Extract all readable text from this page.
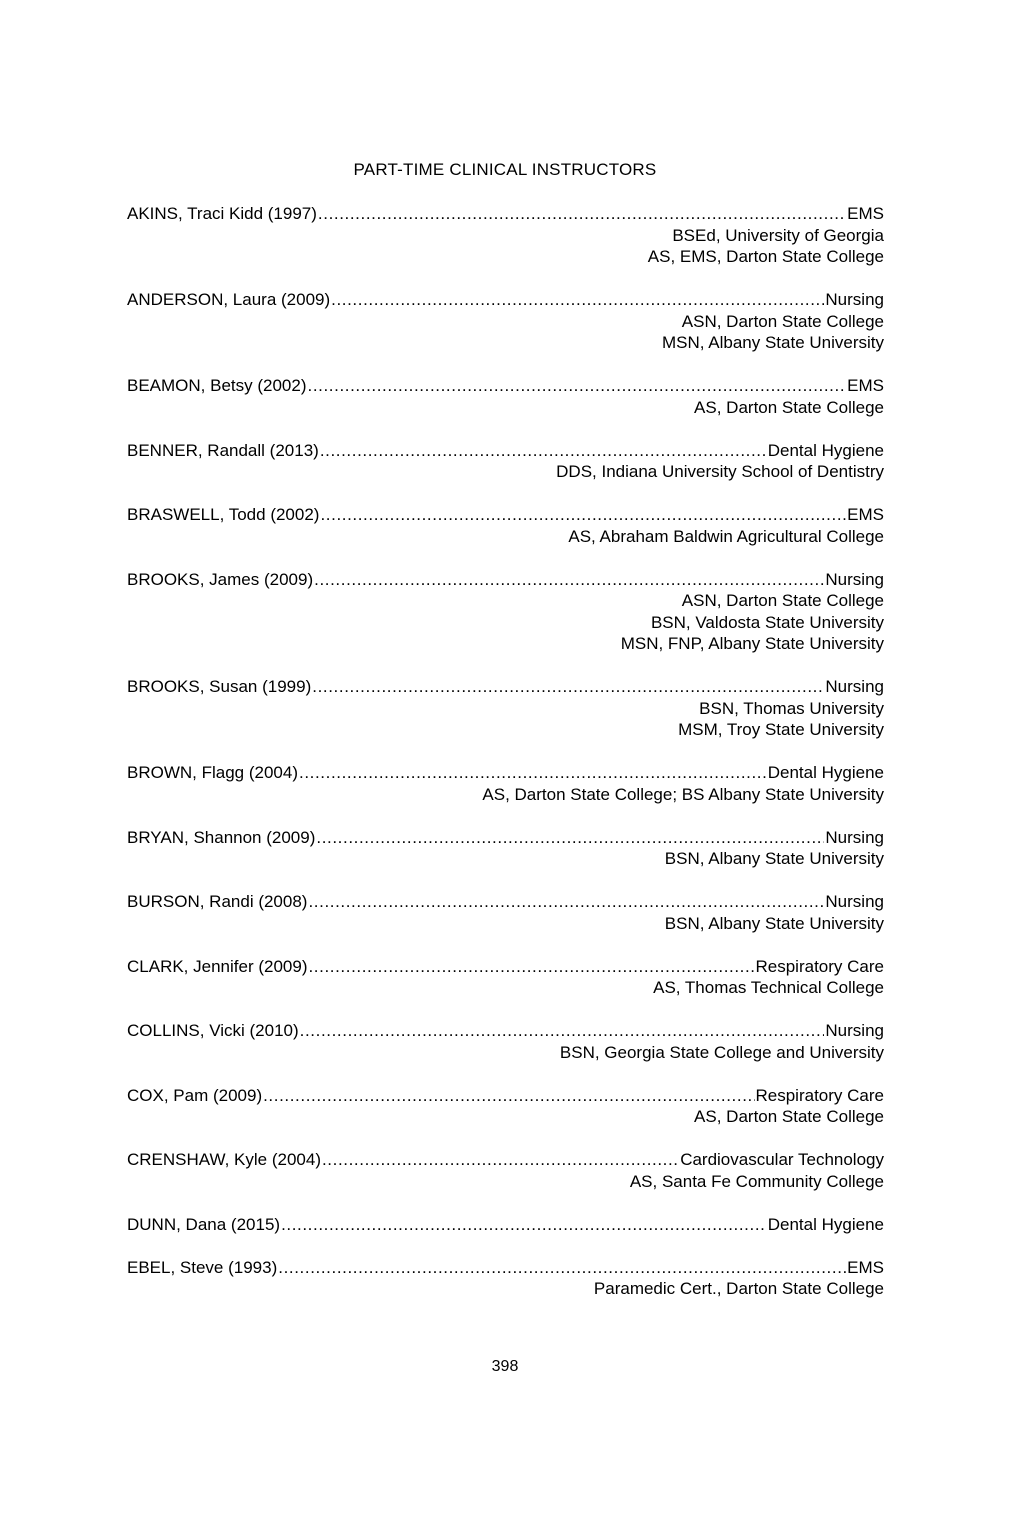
PART-TIME CLINICAL INSTRUCTORS
AKINS, Traci Kidd (1997) .....	EMS
BSEd, University of Georgia
AS, EMS, Darton State College
ANDERSON, Laura (2009) .....	Nursing
ASN, Darton State College
MSN, Albany State University
BEAMON, Betsy (2002) .....	EMS
AS, Darton State College
BENNER, Randall (2013) .....	Dental Hygiene
DDS, Indiana University School of Dentistry
BRASWELL, Todd (2002) .....	EMS
AS, Abraham Baldwin Agricultural College
BROOKS, James (2009) .....	Nursing
ASN, Darton State College
BSN, Valdosta State University
MSN, FNP, Albany State University
BROOKS, Susan (1999) .....	Nursing
BSN, Thomas University
MSM, Troy State University
BROWN, Flagg (2004) .....	Dental Hygiene
AS, Darton State College; BS Albany State University
BRYAN, Shannon (2009) .....	Nursing
BSN, Albany State University
BURSON, Randi (2008) .....	Nursing
BSN, Albany State University
CLARK, Jennifer (2009) .....	Respiratory Care
AS, Thomas Technical College
COLLINS, Vicki (2010) .....	Nursing
BSN, Georgia State College and University
COX, Pam (2009) .....	Respiratory Care
AS, Darton State College
CRENSHAW, Kyle (2004) .....	Cardiovascular Technology
AS, Santa Fe Community College
DUNN, Dana (2015) .....	Dental Hygiene
EBEL, Steve (1993) .....	EMS
Paramedic Cert., Darton State College
398
